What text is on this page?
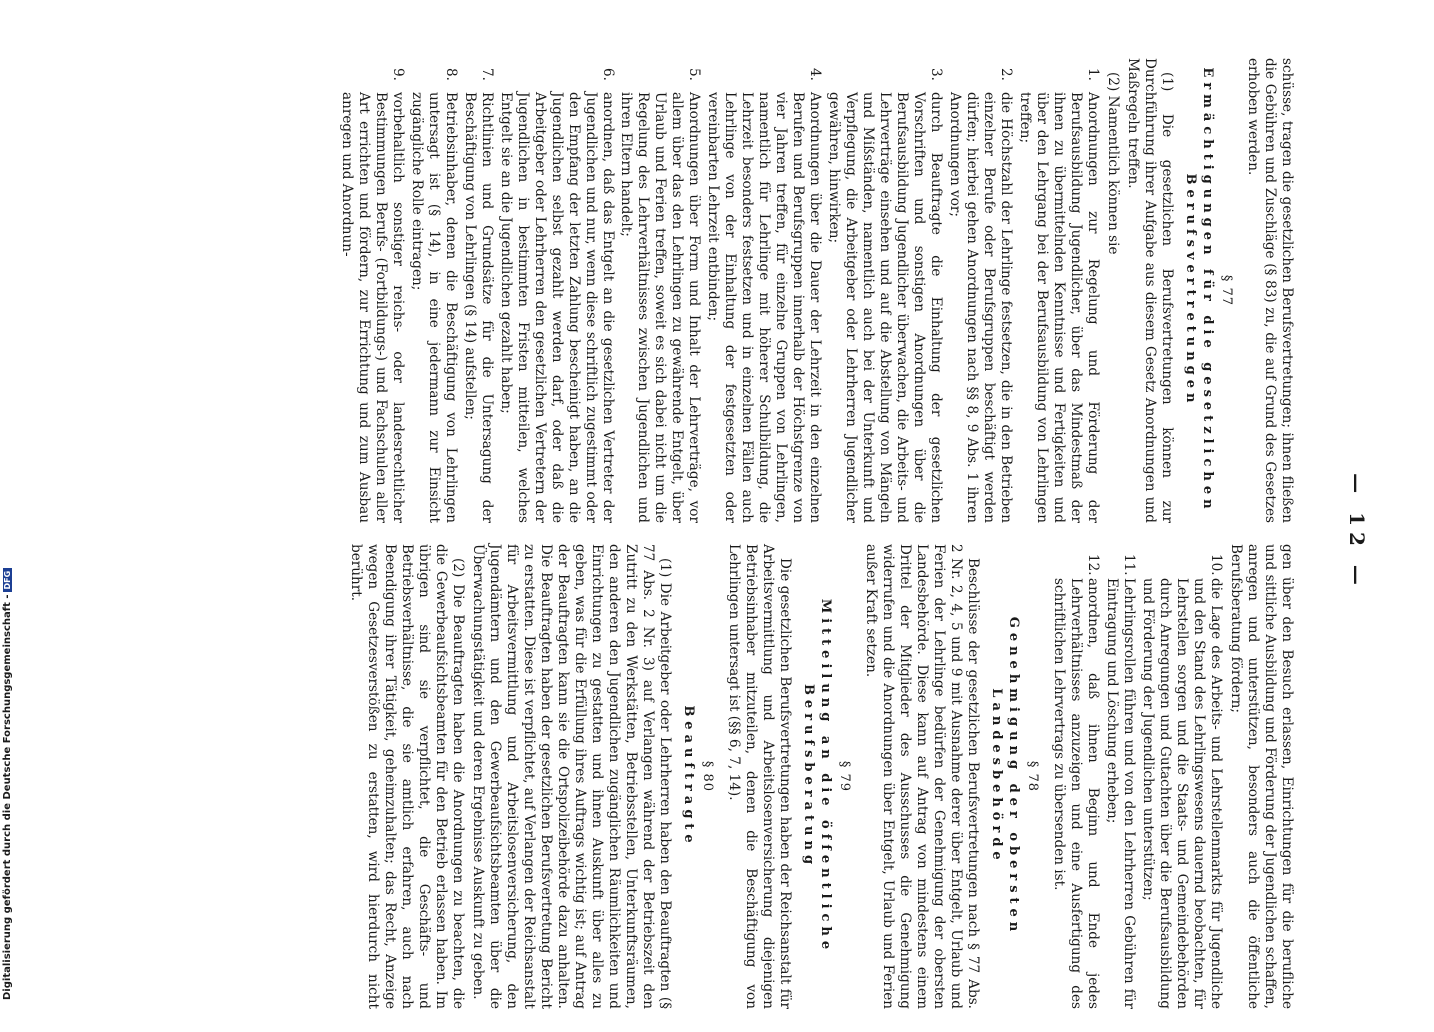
— 12 —

schüsse, tragen die gesetzlichen Berufsvertretungen; ihnen fließen die Gebühren und Zuschläge (§ 83) zu, die auf Grund des Gesetzes erhoben werden.

§ 77
Ermächtigungen für die gesetzlichen Berufsvertretungen

(1) Die gesetzlichen Berufsvertretungen können zur Durchführung ihrer Aufgabe aus diesem Gesetz Anordnungen und Maßregeln treffen.

(2) Namentlich können sie

1.
Anordnungen zur Regelung und Förderung der Berufsausbildung Jugendlicher, über das Mindestmaß der ihnen zu übermittelnden Kenntnisse und Fertigkeiten und über den Lehrgang bei der Berufsausbildung von Lehrlingen treffen;
2.
die Höchstzahl der Lehrlinge festsetzen, die in den Betrieben einzelner Berufe oder Berufsgruppen beschäftigt werden dürfen; hierbei gehen Anordnungen nach §§ 8, 9 Abs. 1 ihren Anordnungen vor;
3.
durch Beauftragte die Einhaltung der gesetzlichen Vorschriften und sonstigen Anordnungen über die Berufsausbildung Jugendlicher überwachen, die Arbeits- und Lehrverträge einsehen und auf die Abstellung von Mängeln und Mißständen, namentlich auch bei der Unterkunft und Verpflegung, die Arbeitgeber oder Lehrherren Jugendlicher gewähren, hinwirken;
4.
Anordnungen über die Dauer der Lehrzeit in den einzelnen Berufen und Berufsgruppen innerhalb der Höchstgrenze von vier Jahren treffen, für einzelne Gruppen von Lehrlingen, namentlich für Lehrlinge mit höherer Schulbildung, die Lehrzeit besonders festsetzen und in einzelnen Fällen auch Lehrlinge von der Einhaltung der festgesetzten oder vereinbarten Lehrzeit entbinden;
5.
Anordnungen über Form und Inhalt der Lehrverträge, vor allem über das den Lehrlingen zu gewährende Entgelt, über Urlaub und Ferien treffen, soweit es sich dabei nicht um die Regelung des Lehrverhältnisses zwischen Jugendlichen und ihren Eltern handelt;
6.
anordnen, daß das Entgelt an die gesetzlichen Vertreter der Jugendlichen und nur, wenn diese schriftlich zugestimmt oder den Empfang der letzten Zahlung bescheinigt haben, an die Jugendlichen selbst gezahlt werden darf, oder daß die Arbeitgeber oder Lehrherren den gesetzlichen Vertretern der Jugendlichen in bestimmten Fristen mitteilen, welches Entgelt sie an die Jugendlichen gezahlt haben;
7.
Richtlinien und Grundsätze für die Untersagung der Beschäftigung von Lehrlingen (§ 14) aufstellen;
8.
Betriebsinhaber, denen die Beschäftigung von Lehrlingen untersagt ist (§ 14), in eine jedermann zur Einsicht zugängliche Rolle eintragen;
9.
vorbehaltlich sonstiger reichs- oder landesrechtlicher Bestimmungen Berufs- (Fortbildungs-) und Fachschulen aller Art errichten und fördern, zur Errichtung und zum Ausbau anregen und Anordnun-

gen über den Besuch erlassen, Einrichtungen für die berufliche und sittliche Ausbildung und Förderung der Jugendlichen schaffen, anregen und unterstützen, besonders auch die öffentliche Berufsberatung fördern;

10.
die Lage des Arbeits- und Lehrstellenmarkts für Jugendliche und den Stand des Lehrlingswesens dauernd beobachten, für Lehrstellen sorgen und die Staats- und Gemeindebehörden durch Anregungen und Gutachten über die Berufsausbildung und Förderung der Jugendlichen unterstützen;
11.
Lehrlingsrollen führen und von den Lehrherren Gebühren für Eintragung und Löschung erheben;
12.
anordnen, daß ihnen Beginn und Ende jedes Lehrverhältnisses anzuzeigen und eine Ausfertigung des schriftlichen Lehrvertrags zu übersenden ist.
§ 78
Genehmigung der obersten Landesbehörde

Beschlüsse der gesetzlichen Berufsvertretungen nach § 77 Abs. 2 Nr. 2, 4, 5 und 9 mit Ausnahme derer über Entgelt, Urlaub und Ferien der Lehrlinge bedürfen der Genehmigung der obersten Landesbehörde. Diese kann auf Antrag von mindestens einem Drittel der Mitglieder des Ausschusses die Genehmigung widerrufen und die Anordnungen über Entgelt, Urlaub und Ferien außer Kraft setzen.

§ 79
Mitteilung an die öffentliche Berufsberatung

Die gesetzlichen Berufsvertretungen haben der Reichsanstalt für Arbeitsvermittlung und Arbeitslosenversicherung diejenigen Betriebsinhaber mitzuteilen, denen die Beschäftigung von Lehrlingen untersagt ist (§§ 6, 7, 14).

§ 80
Beauftragte

(1) Die Arbeitgeber oder Lehrherren haben den Beauftragten (§ 77 Abs. 2 Nr. 3) auf Verlangen während der Betriebszeit den Zutritt zu den Werkstätten, Betriebsstellen, Unterkunftsräumen, den anderen den Jugendlichen zugänglichen Räumlichkeiten und Einrichtungen zu gestatten und ihnen Auskunft über alles zu geben, was für die Erfüllung ihres Auftrags wichtig ist; auf Antrag der Beauftragten kann sie die Ortspolizeibehörde dazu anhalten. Die Beauftragten haben der gesetzlichen Berufsvertretung Bericht zu erstatten. Diese ist verpflichtet, auf Verlangen der Reichsanstalt für Arbeitsvermittlung und Arbeitslosenversicherung, den Jugendämtern und den Gewerbeaufsichtsbeamten über die Überwachungstätigkeit und deren Ergebnisse Auskunft zu geben.

(2) Die Beauftragten haben die Anordnungen zu beachten, die die Gewerbeaufsichtsbeamten für den Betrieb erlassen haben. Im übrigen sind sie verpflichtet, die Geschäfts- und Betriebsverhältnisse, die sie amtlich erfahren, auch nach Beendigung ihrer Tätigkeit, geheimzuhalten; das Recht, Anzeige wegen Gesetzesverstößen zu erstatten, wird hierdurch nicht berührt.

Digitalisierung gefördert durch die Deutsche Forschungsgemeinschaft -DFG
